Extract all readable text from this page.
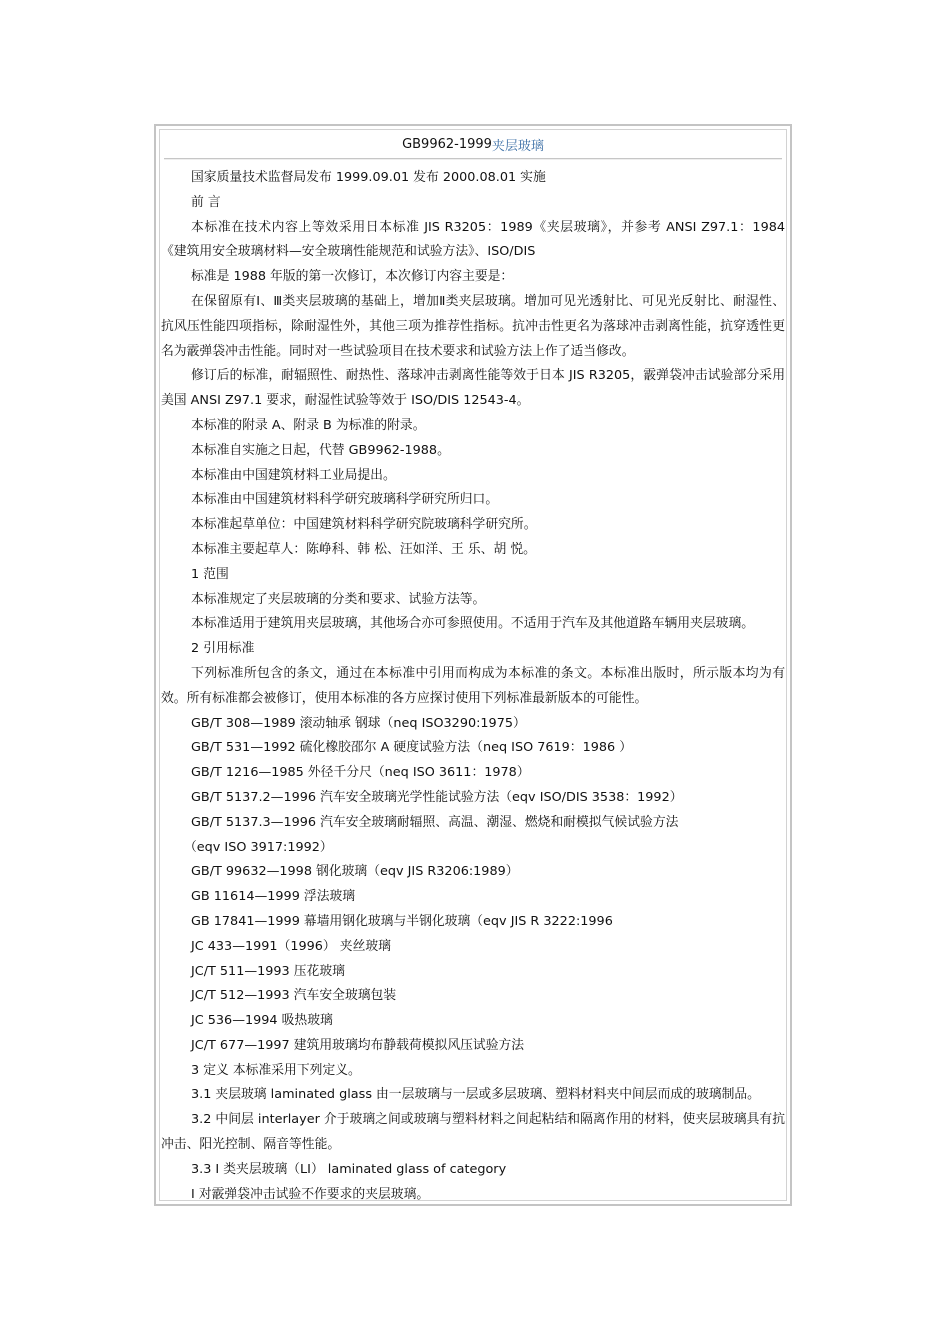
GB9962-1999 夹层玻璃

国家质量技术监督局发布 1999.09.01 发布 2000.08.01 实施

前 言

本标准在技术内容上等效采用日本标准 JIS R3205：1989《夹层玻璃》，并参考 ANSI Z97.1：1984《建筑用安全玻璃材料—安全玻璃性能规范和试验方法》、ISO/DIS

标准是 1988 年版的第一次修订，本次修订内容主要是：

在保留原有Ⅰ、Ⅲ类夹层玻璃的基础上，增加Ⅱ类夹层玻璃。增加可见光透射比、可见光反射比、耐湿性、抗风压性能四项指标，除耐湿性外，其他三项为推荐性指标。抗冲击性更名为落球冲击剥离性能，抗穿透性更名为霰弹袋冲击性能。同时对一些试验项目在技术要求和试验方法上作了适当修改。

修订后的标准，耐辐照性、耐热性、落球冲击剥离性能等效于日本 JIS R3205，霰弹袋冲击试验部分采用美国 ANSI Z97.1 要求，耐湿性试验等效于 ISO/DIS 12543-4。

本标准的附录 A、附录 B 为标准的附录。

本标准自实施之日起，代替 GB9962-1988。

本标准由中国建筑材料工业局提出。

本标准由中国建筑材料科学研究玻璃科学研究所归口。

本标准起草单位：中国建筑材料科学研究院玻璃科学研究所。

本标准主要起草人：陈峥科、韩 松、汪如洋、王 乐、胡 悦。

1 范围

本标准规定了夹层玻璃的分类和要求、试验方法等。

本标准适用于建筑用夹层玻璃，其他场合亦可参照使用。不适用于汽车及其他道路车辆用夹层玻璃。

2 引用标准

下列标准所包含的条文，通过在本标准中引用而构成为本标准的条文。本标准出版时，所示版本均为有效。所有标准都会被修订，使用本标准的各方应探讨使用下列标准最新版本的可能性。

GB/T 308—1989 滚动轴承 钢球（neq ISO3290:1975）

GB/T 531—1992 硫化橡胶邵尔 A 硬度试验方法（neq ISO 7619：1986 ）

GB/T 1216—1985 外径千分尺（neq ISO 3611：1978）

GB/T 5137.2—1996 汽车安全玻璃光学性能试验方法（eqv ISO/DIS 3538：1992）

GB/T 5137.3—1996 汽车安全玻璃耐辐照、高温、潮湿、燃烧和耐模拟气候试验方法

（eqv ISO 3917:1992）

GB/T 99632—1998 钢化玻璃（eqv JIS R3206:1989）

GB 11614—1999 浮法玻璃

GB 17841—1999 幕墙用钢化玻璃与半钢化玻璃（eqv JIS R 3222:1996

JC 433—1991（1996） 夹丝玻璃

JC/T 511—1993 压花玻璃

JC/T 512—1993 汽车安全玻璃包装

JC 536—1994 吸热玻璃

JC/T 677—1997 建筑用玻璃均布静载荷模拟风压试验方法

3 定义 本标准采用下列定义。

3.1 夹层玻璃 laminated glass 由一层玻璃与一层或多层玻璃、塑料材料夹中间层而成的玻璃制品。

3.2 中间层 interlayer 介于玻璃之间或玻璃与塑料材料之间起粘结和隔离作用的材料，使夹层玻璃具有抗冲击、阳光控制、隔音等性能。

3.3 I 类夹层玻璃（LI） laminated glass of category

I 对霰弹袋冲击试验不作要求的夹层玻璃。
